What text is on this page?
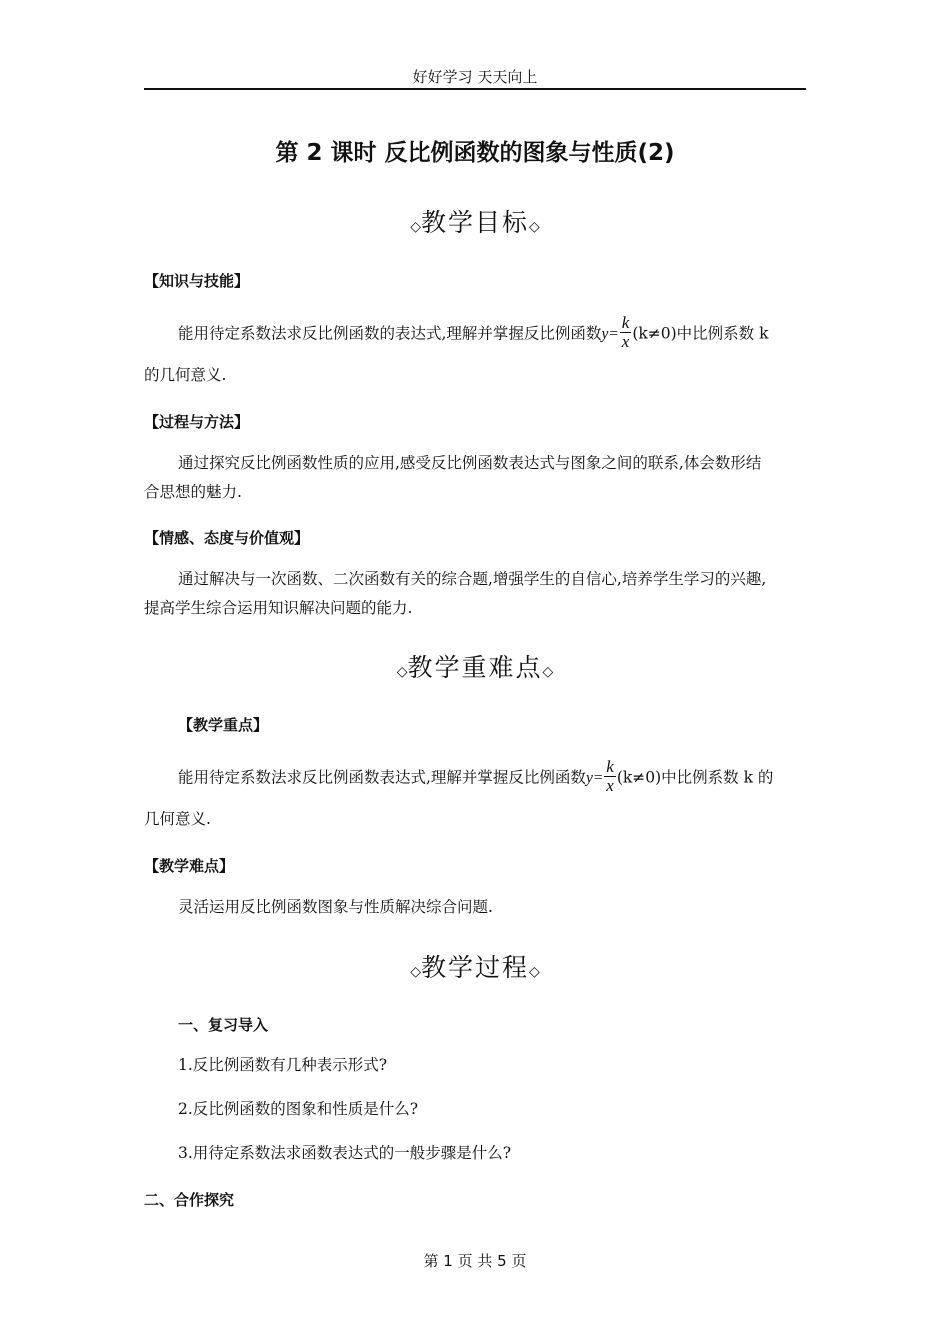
好好学习 天天向上
第 2 课时 反比例函数的图象与性质(2)
◇教学目标◇
【知识与技能】
能用待定系数法求反比例函数的表达式,理解并掌握反比例函数$y= \frac{k}{x} (k\ne 0)$中比例系数 k
的几何意义.
【过程与方法】
通过探究反比例函数性质的应用,感受反比例函数表达式与图象之间的联系,体会数形结
合思想的魅力.
【情感、态度与价值观】
通过解决与一次函数、二次函数有关的综合题,增强学生的自信心,培养学生学习的兴趣,
提高学生综合运用知识解决问题的能力.
◇教学重难点◇
【教学重点】
能用待定系数法求反比例函数表达式,理解并掌握反比例函数$y= \frac{k}{x} (k\ne 0)$中比例系数 k 的
几何意义.
【教学难点】
灵活运用反比例函数图象与性质解决综合问题.
◇教学过程◇
一、复习导入
1.反比例函数有几种表示形式?
2.反比例函数的图象和性质是什么?
3.用待定系数法求函数表达式的一般步骤是什么?
二、合作探究
第 1 页 共 5 页
